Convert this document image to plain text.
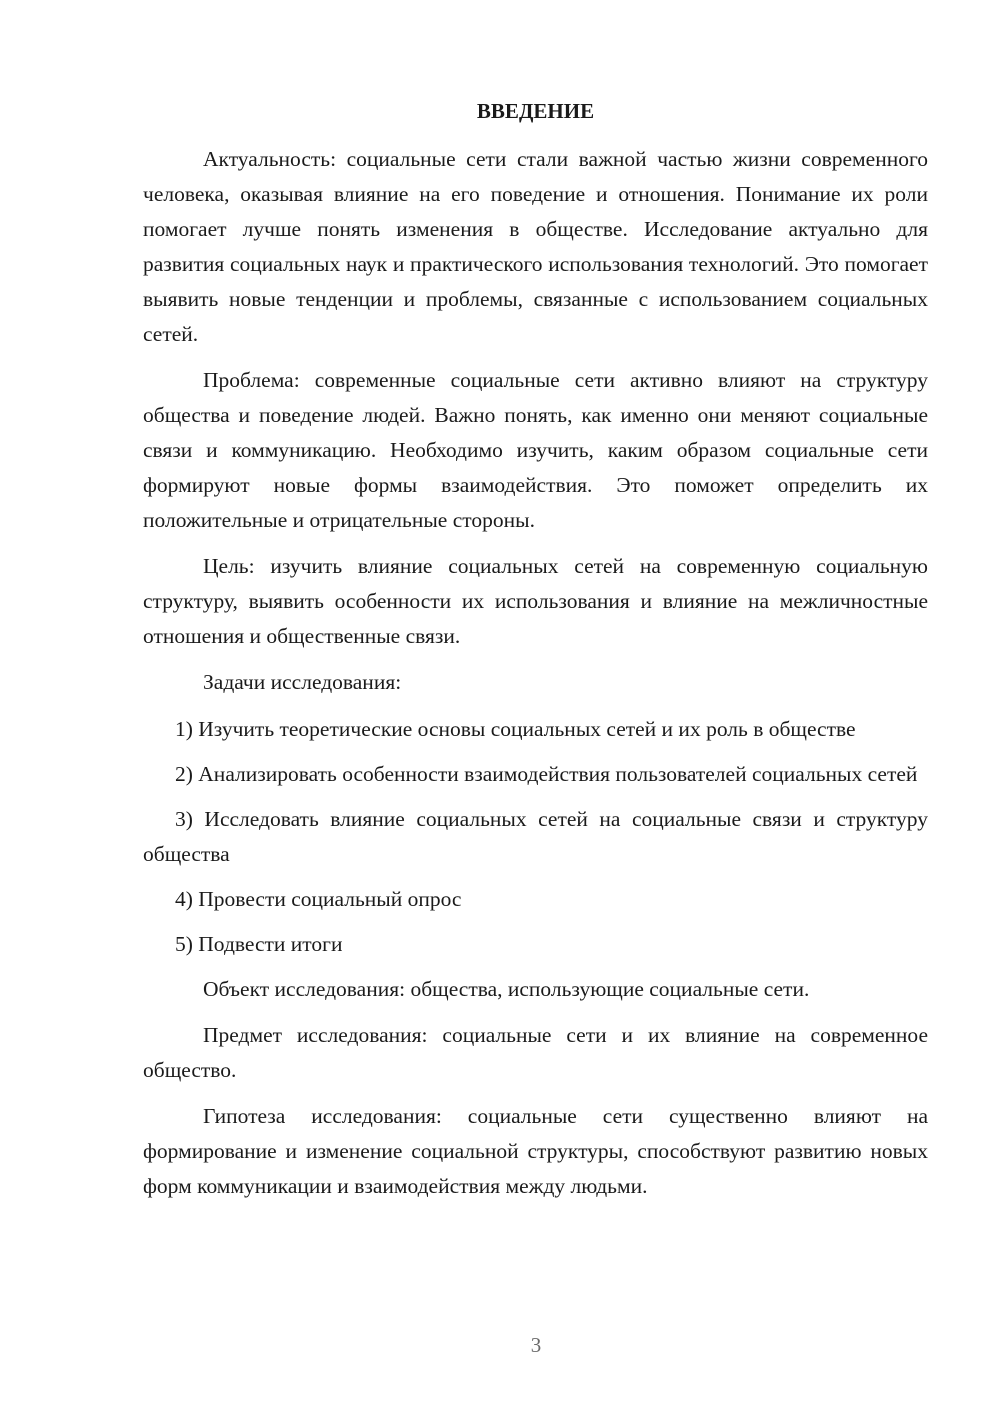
ВВЕДЕНИЕ

Актуальность: социальные сети стали важной частью жизни современного человека, оказывая влияние на его поведение и отношения. Понимание их роли помогает лучше понять изменения в обществе. Исследование актуально для развития социальных наук и практического использования технологий. Это помогает выявить новые тенденции и проблемы, связанные с использованием социальных сетей.

Проблема: современные социальные сети активно влияют на структуру общества и поведение людей. Важно понять, как именно они меняют социальные связи и коммуникацию. Необходимо изучить, каким образом социальные сети формируют новые формы взаимодействия. Это поможет определить их положительные и отрицательные стороны.

Цель: изучить влияние социальных сетей на современную социальную структуру, выявить особенности их использования и влияние на межличностные отношения и общественные связи.

Задачи исследования:

1) Изучить теоретические основы социальных сетей и их роль в обществе

2) Анализировать особенности взаимодействия пользователей социальных сетей

3) Исследовать влияние социальных сетей на социальные связи и структуру общества

4) Провести социальный опрос

5) Подвести итоги

Объект исследования: общества, использующие социальные сети.

Предмет исследования: социальные сети и их влияние на современное общество.

Гипотеза исследования: социальные сети существенно влияют на формирование и изменение социальной структуры, способствуют развитию новых форм коммуникации и взаимодействия между людьми.

3
